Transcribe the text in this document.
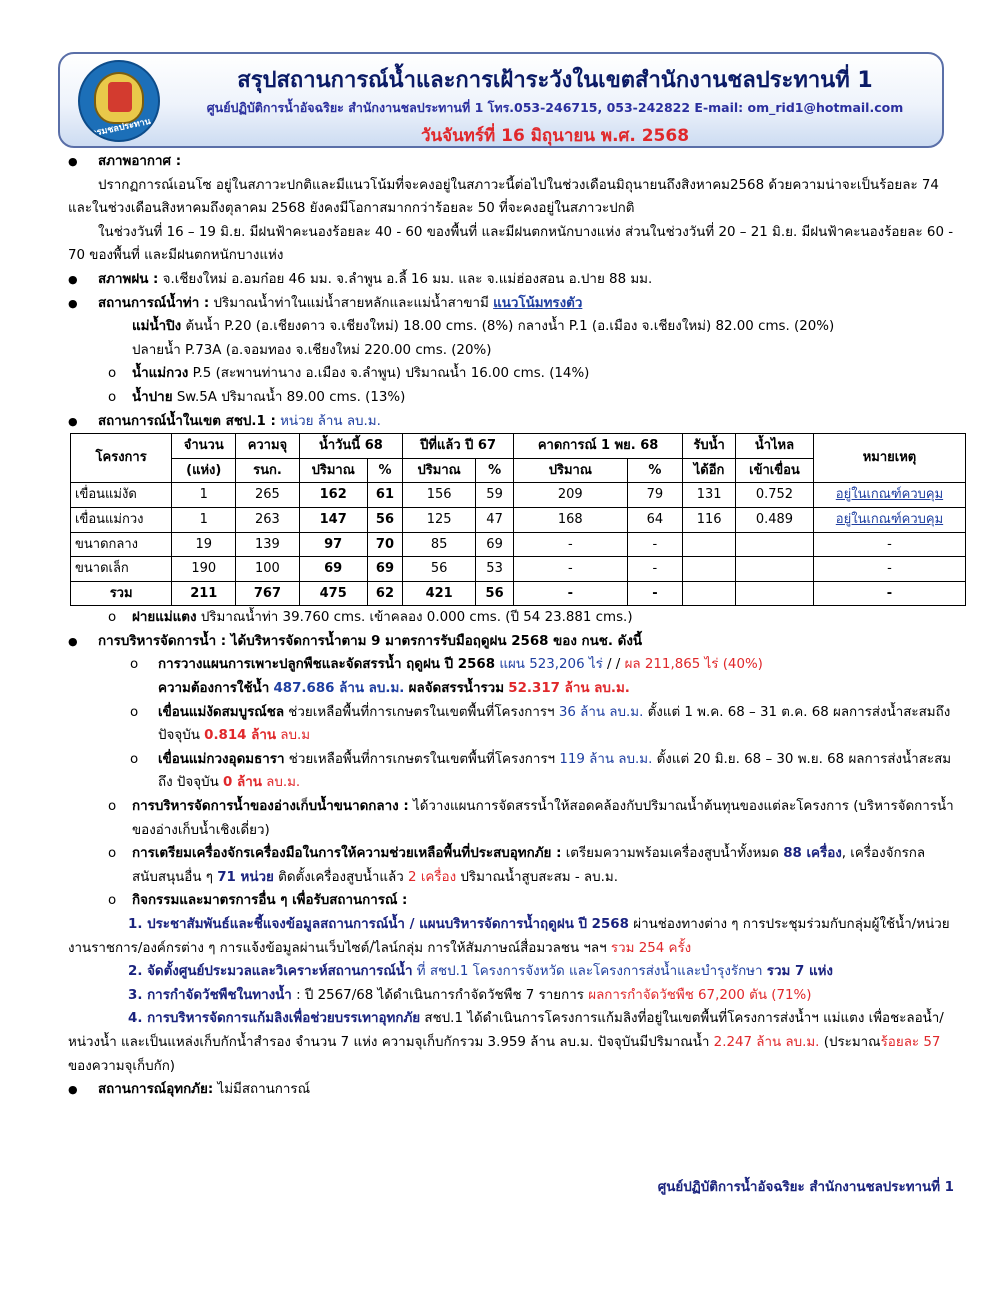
กรมชลประทาน
สรุปสถานการณ์น้ำและการเฝ้าระวังในเขตสำนักงานชลประทานที่ 1
ศูนย์ปฏิบัติการน้ำอัจฉริยะ สำนักงานชลประทานที่ 1 โทร.053-246715, 053-242822 E-mail: om_rid1@hotmail.com
วันจันทร์ที่ 16 มิถุนายน พ.ศ. 2568
● สภาพอากาศ :

ปรากฏการณ์เอนโซ อยู่ในสภาวะปกติและมีแนวโน้มที่จะคงอยู่ในสภาวะนี้ต่อไปในช่วงเดือนมิถุนายนถึงสิงหาคม2568 ด้วยความน่าจะเป็นร้อยละ 74 และในช่วงเดือนสิงหาคมถึงตุลาคม 2568 ยังคงมีโอกาสมากกว่าร้อยละ 50 ที่จะคงอยู่ในสภาวะปกติ

ในช่วงวันที่ 16 – 19 มิ.ย. มีฝนฟ้าคะนองร้อยละ 40 - 60 ของพื้นที่ และมีฝนตกหนักบางแห่ง ส่วนในช่วงวันที่ 20 – 21 มิ.ย. มีฝนฟ้าคะนองร้อยละ 60 - 70 ของพื้นที่ และมีฝนตกหนักบางแห่ง

● สภาพฝน : จ.เชียงใหม่ อ.อมก๋อย 46 มม. จ.ลำพูน อ.ลี้ 16 มม. และ จ.แม่ฮ่องสอน อ.ปาย 88 มม.
● สถานการณ์น้ำท่า : ปริมาณน้ำท่าในแม่น้ำสายหลักและแม่น้ำสาขามี แนวโน้มทรงตัว
แม่น้ำปิง ต้นน้ำ P.20 (อ.เชียงดาว จ.เชียงใหม่) 18.00 cms. (8%) กลางน้ำ P.1 (อ.เมือง จ.เชียงใหม่) 82.00 cms. (20%)
ปลายน้ำ P.73A (อ.จอมทอง จ.เชียงใหม่ 220.00 cms. (20%)
o น้ำแม่กวง P.5 (สะพานท่านาง อ.เมือง จ.ลำพูน) ปริมาณน้ำ 16.00 cms. (14%)
o น้ำปาย Sw.5A ปริมาณน้ำ 89.00 cms. (13%)
● สถานการณ์น้ำในเขต สชป.1 : หน่วย ล้าน ลบ.ม.
โครงการ	จำนวน	ความจุ	น้ำวันนี้ 68		ปีที่แล้ว ปี 67		คาดการณ์ 1 พย. 68		รับน้ำ	น้ำไหล	หมายเหตุ
	(แห่ง)	รนก.	ปริมาณ	%	ปริมาณ	%	ปริมาณ	%	ได้อีก	เข้าเขื่อน	
เขื่อนแม่งัด	1	265	162	61	156	59	209	79	131	0.752	อยู่ในเกณฑ์ควบคุม
เขื่อนแม่กวง	1	263	147	56	125	47	168	64	116	0.489	อยู่ในเกณฑ์ควบคุม
ขนาดกลาง	19	139	97	70	85	69	-	-			-
ขนาดเล็ก	190	100	69	69	56	53	-	-			-
รวม	211	767	475	62	421	56	-	-			-
o ฝายแม่แตง ปริมาณน้ำท่า 39.760 cms. เข้าคลอง 0.000 cms. (ปี 54 23.881 cms.)
● การบริหารจัดการน้ำ : ได้บริหารจัดการน้ำตาม 9 มาตรการรับมือฤดูฝน 2568 ของ กนช. ดังนี้
o การวางแผนการเพาะปลูกพืชและจัดสรรน้ำ ฤดูฝน ปี 2568 แผน 523,206 ไร่ / / ผล 211,865 ไร่ (40%)
ความต้องการใช้น้ำ 487.686 ล้าน ลบ.ม. ผลจัดสรรน้ำรวม 52.317 ล้าน ลบ.ม.
o เขื่อนแม่งัดสมบูรณ์ชล ช่วยเหลือพื้นที่การเกษตรในเขตพื้นที่โครงการฯ 36 ล้าน ลบ.ม. ตั้งแต่ 1 พ.ค. 68 – 31 ต.ค. 68 ผลการส่งน้ำสะสมถึง ปัจจุบัน 0.814 ล้าน ลบ.ม
o เขื่อนแม่กวงอุดมธารา ช่วยเหลือพื้นที่การเกษตรในเขตพื้นที่โครงการฯ 119 ล้าน ลบ.ม. ตั้งแต่ 20 มิ.ย. 68 – 30 พ.ย. 68 ผลการส่งน้ำสะสมถึง ปัจจุบัน 0 ล้าน ลบ.ม.
o การบริหารจัดการน้ำของอ่างเก็บน้ำขนาดกลาง : ได้วางแผนการจัดสรรน้ำให้สอดคล้องกับปริมาณน้ำต้นทุนของแต่ละโครงการ (บริหารจัดการน้ำของอ่างเก็บน้ำเชิงเดี่ยว)
o การเตรียมเครื่องจักรเครื่องมือในการให้ความช่วยเหลือพื้นที่ประสบอุทกภัย : เตรียมความพร้อมเครื่องสูบน้ำทั้งหมด 88 เครื่อง, เครื่องจักรกลสนับสนุนอื่น ๆ 71 หน่วย ติดตั้งเครื่องสูบน้ำแล้ว 2 เครื่อง ปริมาณน้ำสูบสะสม - ลบ.ม.
o กิจกรรมและมาตรการอื่น ๆ เพื่อรับสถานการณ์ :

1. ประชาสัมพันธ์และชี้แจงข้อมูลสถานการณ์น้ำ / แผนบริหารจัดการน้ำฤดูฝน ปี 2568 ผ่านช่องทางต่าง ๆ การประชุมร่วมกับกลุ่มผู้ใช้น้ำ/หน่วยงานราชการ/องค์กรต่าง ๆ การแจ้งข้อมูลผ่านเว็บไซต์/ไลน์กลุ่ม การให้สัมภาษณ์สื่อมวลชน ฯลฯ รวม 254 ครั้ง

2. จัดตั้งศูนย์ประมวลและวิเคราะห์สถานการณ์น้ำ ที่ สชป.1 โครงการจังหวัด และโครงการส่งน้ำและบำรุงรักษา รวม 7 แห่ง

3. การกำจัดวัชพืชในทางน้ำ : ปี 2567/68 ได้ดำเนินการกำจัดวัชพืช 7 รายการ ผลการกำจัดวัชพืช 67,200 ตัน (71%)

4. การบริหารจัดการแก้มลิงเพื่อช่วยบรรเทาอุทกภัย สชป.1 ได้ดำเนินการโครงการแก้มลิงที่อยู่ในเขตพื้นที่โครงการส่งน้ำฯ แม่แตง เพื่อชะลอน้ำ/หน่วงน้ำ และเป็นแหล่งเก็บกักน้ำสำรอง จำนวน 7 แห่ง ความจุเก็บกักรวม 3.959 ล้าน ลบ.ม. ปัจจุบันมีปริมาณน้ำ 2.247 ล้าน ลบ.ม. (ประมาณร้อยละ 57 ของความจุเก็บกัก)

● สถานการณ์อุทกภัย: ไม่มีสถานการณ์
ศูนย์ปฏิบัติการน้ำอัจฉริยะ สำนักงานชลประทานที่ 1
